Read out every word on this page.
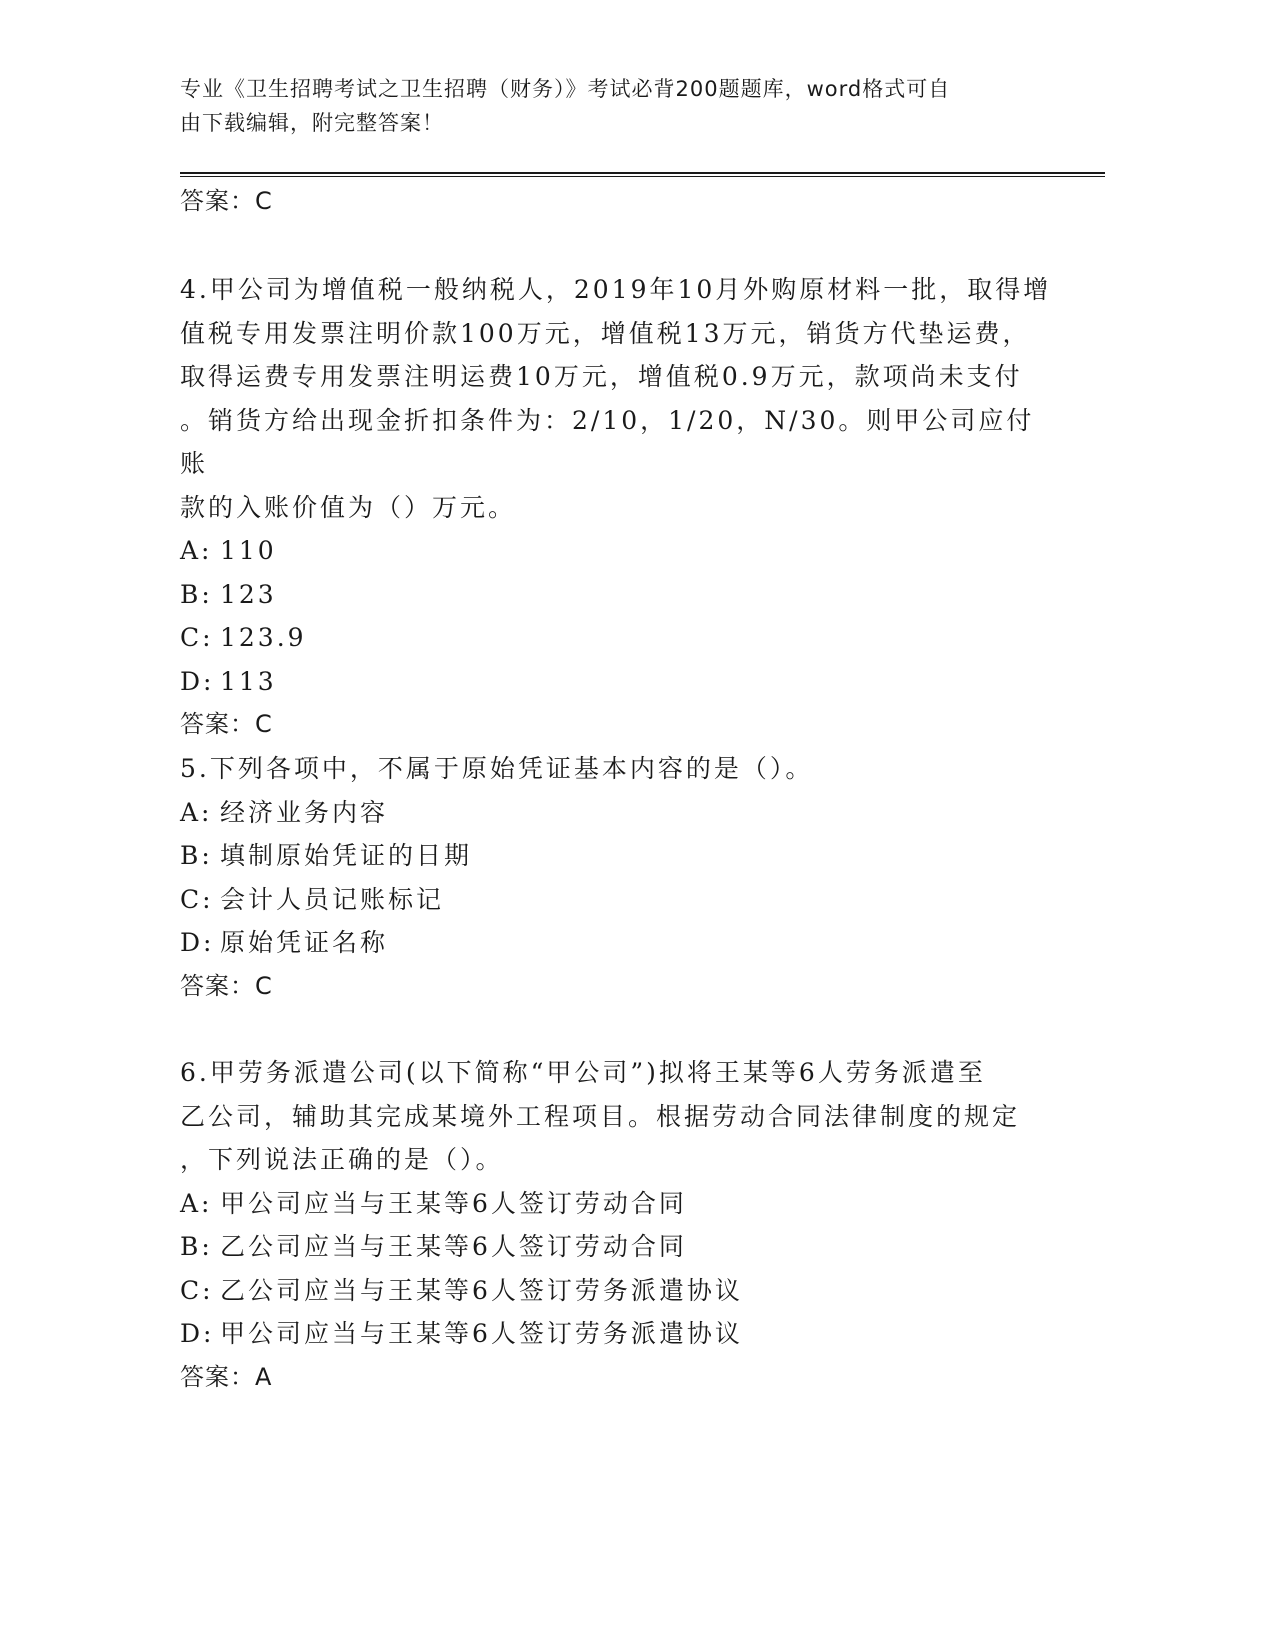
专业《卫生招聘考试之卫生招聘（财务）》考试必背200题题库，word格式可自
由下载编辑，附完整答案！

答案：C

4.甲公司为增值税一般纳税人，2019年10月外购原材料一批，取得增
值税专用发票注明价款100万元，增值税13万元，销货方代垫运费，
取得运费专用发票注明运费10万元，增值税0.9万元，款项尚未支付
。销货方给出现金折扣条件为：2/10，1/20，N/30。则甲公司应付账
款的入账价值为（）万元。
A: 110
B: 123
C: 123.9
D: 113

答案：C

5.下列各项中，不属于原始凭证基本内容的是（）。
A: 经济业务内容
B: 填制原始凭证的日期
C: 会计人员记账标记
D: 原始凭证名称

答案：C

6.甲劳务派遣公司(以下简称“甲公司”)拟将王某等6人劳务派遣至
乙公司，辅助其完成某境外工程项目。根据劳动合同法律制度的规定
，下列说法正确的是（）。
A: 甲公司应当与王某等6人签订劳动合同
B: 乙公司应当与王某等6人签订劳动合同
C: 乙公司应当与王某等6人签订劳务派遣协议
D: 甲公司应当与王某等6人签订劳务派遣协议

答案：A
